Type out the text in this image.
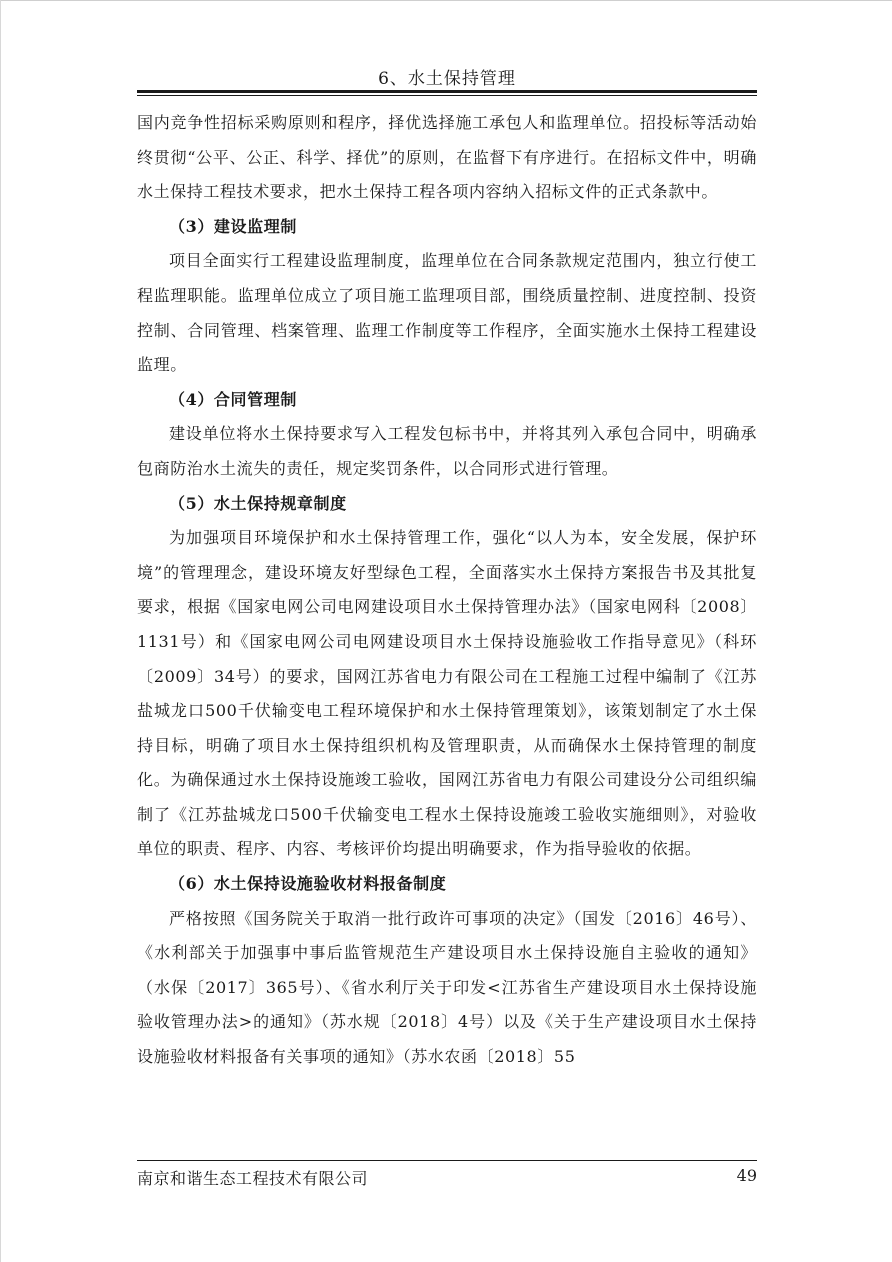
6、水土保持管理

国内竞争性招标采购原则和程序，择优选择施工承包人和监理单位。招投标等活动始终贯彻“公平、公正、科学、择优”的原则，在监督下有序进行。在招标文件中，明确水土保持工程技术要求，把水土保持工程各项内容纳入招标文件的正式条款中。

（3）建设监理制

项目全面实行工程建设监理制度，监理单位在合同条款规定范围内，独立行使工程监理职能。监理单位成立了项目施工监理项目部，围绕质量控制、进度控制、投资控制、合同管理、档案管理、监理工作制度等工作程序，全面实施水土保持工程建设监理。

（4）合同管理制

建设单位将水土保持要求写入工程发包标书中，并将其列入承包合同中，明确承包商防治水土流失的责任，规定奖罚条件，以合同形式进行管理。

（5）水土保持规章制度

为加强项目环境保护和水土保持管理工作，强化“以人为本，安全发展，保护环境”的管理理念，建设环境友好型绿色工程，全面落实水土保持方案报告书及其批复要求，根据《国家电网公司电网建设项目水土保持管理办法》（国家电网科〔2008〕1131号）和《国家电网公司电网建设项目水土保持设施验收工作指导意见》（科环〔2009〕34号）的要求，国网江苏省电力有限公司在工程施工过程中编制了《江苏盐城龙口500千伏输变电工程环境保护和水土保持管理策划》，该策划制定了水土保持目标，明确了项目水土保持组织机构及管理职责，从而确保水土保持管理的制度化。为确保通过水土保持设施竣工验收，国网江苏省电力有限公司建设分公司组织编制了《江苏盐城龙口500千伏输变电工程水土保持设施竣工验收实施细则》，对验收单位的职责、程序、内容、考核评价均提出明确要求，作为指导验收的依据。

（6）水土保持设施验收材料报备制度

严格按照《国务院关于取消一批行政许可事项的决定》（国发〔2016〕46号）、《水利部关于加强事中事后监管规范生产建设项目水土保持设施自主验收的通知》（水保〔2017〕365号）、《省水利厅关于印发<江苏省生产建设项目水土保持设施验收管理办法>的通知》（苏水规〔2018〕4号）以及《关于生产建设项目水土保持设施验收材料报备有关事项的通知》（苏水农函〔2018〕55

南京和谐生态工程技术有限公司	49
